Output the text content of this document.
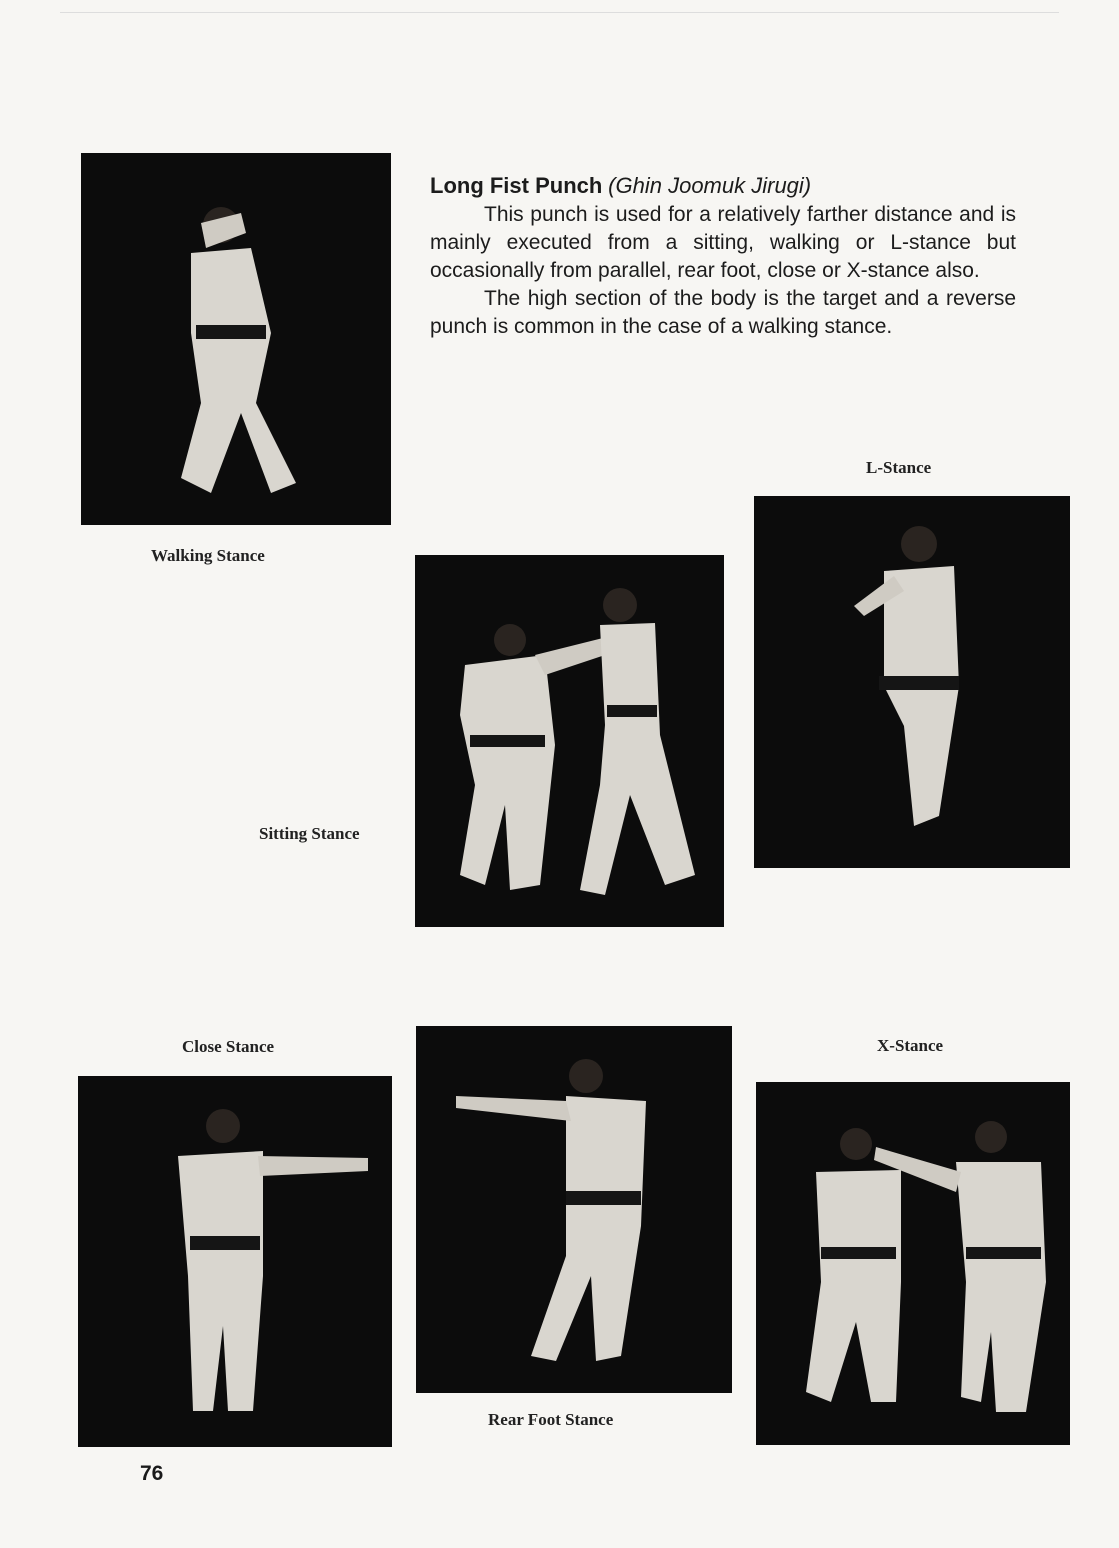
Walking Stance
Long Fist Punch (Ghin Joomuk Jirugi)

This punch is used for a relatively farther distance and is mainly executed from a sitting, walking or L-stance but occasionally from parallel, rear foot, close or X-stance also.

The high section of the body is the target and a reverse punch is common in the case of a walking stance.

L-Stance
Sitting Stance
Close Stance
Rear Foot Stance
X-Stance
76
